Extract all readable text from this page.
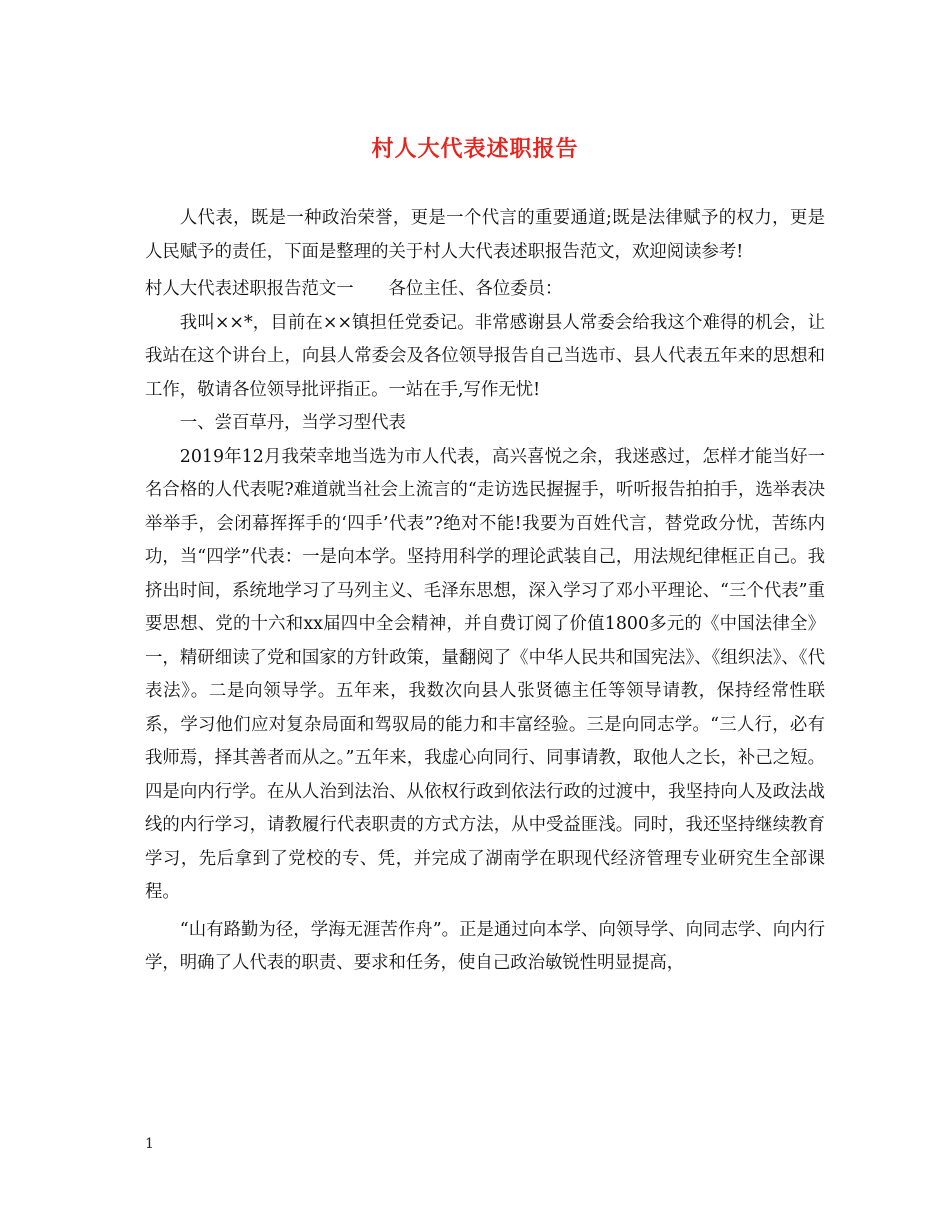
村人大代表述职报告

人代表，既是一种政治荣誉，更是一个代言的重要通道;既是法律赋予的权力，更是人民赋予的责任，下面是整理的关于村人大代表述职报告范文，欢迎阅读参考!

村人大代表述职报告范文一 各位主任、各位委员：

我叫××*，目前在××镇担任党委记。非常感谢县人常委会给我这个难得的机会，让我站在这个讲台上，向县人常委会及各位领导报告自己当选市、县人代表五年来的思想和工作，敬请各位领导批评指正。一站在手,写作无忧!

一、尝百草丹，当学习型代表

2019年12月我荣幸地当选为市人代表，高兴喜悦之余，我迷惑过，怎样才能当好一名合格的人代表呢?难道就当社会上流言的“走访选民握握手，听听报告拍拍手，选举表决举举手，会闭幕挥挥手的‘四手’代表”?绝对不能!我要为百姓代言，替党政分忧，苦练内功，当“四学”代表：一是向本学。坚持用科学的理论武装自己，用法规纪律框正自己。我挤出时间，系统地学习了马列主义、毛泽东思想，深入学习了邓小平理论、“三个代表”重要思想、党的十六和xx届四中全会精神，并自费订阅了价值1800多元的《中国法律全》一，精研细读了党和国家的方针政策，量翻阅了《中华人民共和国宪法》、《组织法》、《代表法》。二是向领导学。五年来，我数次向县人张贤德主任等领导请教，保持经常性联系，学习他们应对复杂局面和驾驭局的能力和丰富经验。三是向同志学。“三人行，必有我师焉，择其善者而从之。”五年来，我虚心向同行、同事请教，取他人之长，补己之短。四是向内行学。在从人治到法治、从依权行政到依法行政的过渡中，我坚持向人及政法战线的内行学习，请教履行代表职责的方式方法，从中受益匪浅。同时，我还坚持继续教育学习，先后拿到了党校的专、凭，并完成了湖南学在职现代经济管理专业研究生全部课程。

“山有路勤为径，学海无涯苦作舟”。正是通过向本学、向领导学、向同志学、向内行学，明确了人代表的职责、要求和任务，使自己政治敏锐性明显提高，

1
